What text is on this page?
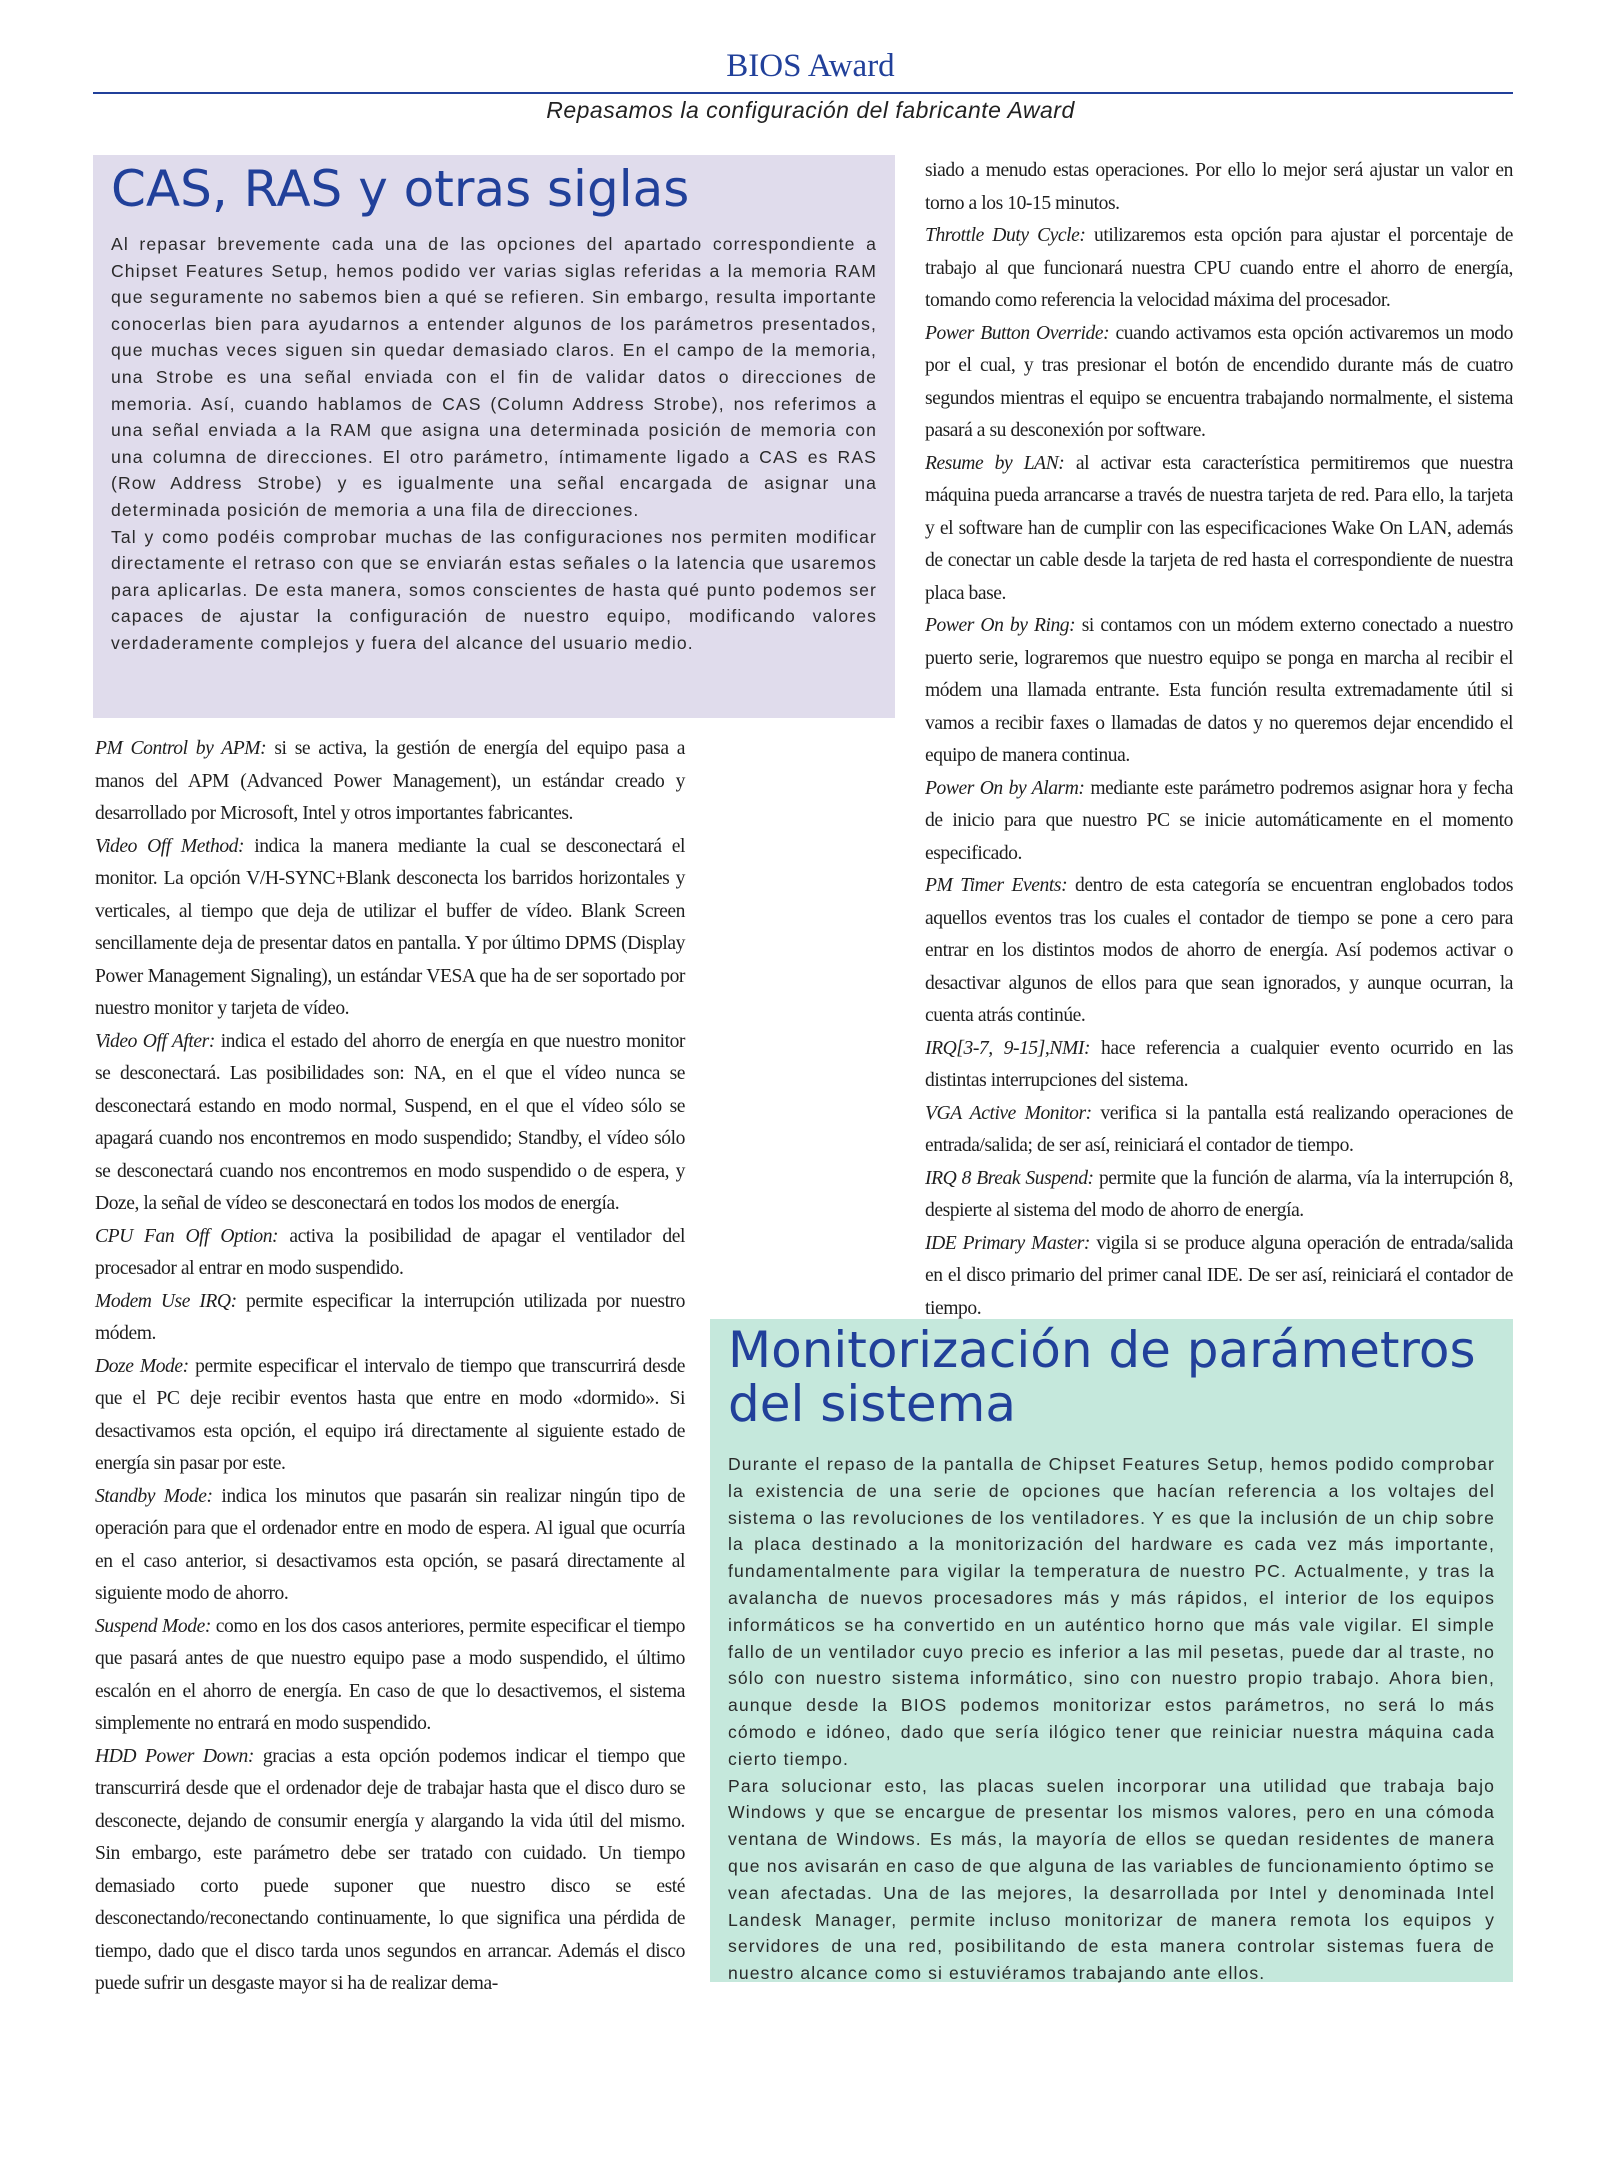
BIOS Award
Repasamos la configuración del fabricante Award
CAS, RAS y otras siglas

Al repasar brevemente cada una de las opciones del apartado correspondiente a Chipset Features Setup, hemos podido ver varias siglas referidas a la memoria RAM que seguramente no sabemos bien a qué se refieren. Sin embargo, resulta importante conocerlas bien para ayudarnos a entender algunos de los parámetros presentados, que muchas veces siguen sin quedar demasiado claros. En el campo de la memoria, una Strobe es una señal enviada con el fin de validar datos o direcciones de memoria. Así, cuando hablamos de CAS (Column Address Strobe), nos referimos a una señal enviada a la RAM que asigna una determinada posición de memoria con una columna de direcciones. El otro parámetro, íntimamente ligado a CAS es RAS (Row Address Strobe) y es igualmente una señal encargada de asignar una determinada posición de memoria a una fila de direcciones.

Tal y como podéis comprobar muchas de las configuraciones nos permiten modificar directamente el retraso con que se enviarán estas señales o la latencia que usaremos para aplicarlas. De esta manera, somos conscientes de hasta qué punto podemos ser capaces de ajustar la configuración de nuestro equipo, modificando valores verdaderamente complejos y fuera del alcance del usuario medio.

PM Control by APM: si se activa, la gestión de energía del equipo pasa a manos del APM (Advanced Power Management), un estándar creado y desarrollado por Microsoft, Intel y otros importantes fabricantes.

Video Off Method: indica la manera mediante la cual se desconectará el monitor. La opción V/H-SYNC+Blank desconecta los barridos horizontales y verticales, al tiempo que deja de utilizar el buffer de vídeo. Blank Screen sencillamente deja de presentar datos en pantalla. Y por último DPMS (Display Power Management Signaling), un estándar VESA que ha de ser soportado por nuestro monitor y tarjeta de vídeo.

Video Off After: indica el estado del ahorro de energía en que nuestro monitor se desconectará. Las posibilidades son: NA, en el que el vídeo nunca se desconectará estando en modo normal, Suspend, en el que el vídeo sólo se apagará cuando nos encontremos en modo suspendido; Standby, el vídeo sólo se desconectará cuando nos encontremos en modo suspendido o de espera, y Doze, la señal de vídeo se desconectará en todos los modos de energía.

CPU Fan Off Option: activa la posibilidad de apagar el ventilador del procesador al entrar en modo suspendido.

Modem Use IRQ: permite especificar la interrupción utilizada por nuestro módem.

Doze Mode: permite especificar el intervalo de tiempo que transcurrirá desde que el PC deje recibir eventos hasta que entre en modo «dormido». Si desactivamos esta opción, el equipo irá directamente al siguiente estado de energía sin pasar por este.

Standby Mode: indica los minutos que pasarán sin realizar ningún tipo de operación para que el ordenador entre en modo de espera. Al igual que ocurría en el caso anterior, si desactivamos esta opción, se pasará directamente al siguiente modo de ahorro.

Suspend Mode: como en los dos casos anteriores, permite especificar el tiempo que pasará antes de que nuestro equipo pase a modo suspendido, el último escalón en el ahorro de energía. En caso de que lo desactivemos, el sistema simplemente no entrará en modo suspendido.

HDD Power Down: gracias a esta opción podemos indicar el tiempo que transcurrirá desde que el ordenador deje de trabajar hasta que el disco duro se desconecte, dejando de consumir energía y alargando la vida útil del mismo. Sin embargo, este parámetro debe ser tratado con cuidado. Un tiempo demasiado corto puede suponer que nuestro disco se esté desconectando/reconectando continuamente, lo que significa una pérdida de tiempo, dado que el disco tarda unos segundos en arrancar. Además el disco puede sufrir un desgaste mayor si ha de realizar dema-

siado a menudo estas operaciones. Por ello lo mejor será ajustar un valor en torno a los 10-15 minutos.

Throttle Duty Cycle: utilizaremos esta opción para ajustar el porcentaje de trabajo al que funcionará nuestra CPU cuando entre el ahorro de energía, tomando como referencia la velocidad máxima del procesador.

Power Button Override: cuando activamos esta opción activaremos un modo por el cual, y tras presionar el botón de encendido durante más de cuatro segundos mientras el equipo se encuentra trabajando normalmente, el sistema pasará a su desconexión por software.

Resume by LAN: al activar esta característica permitiremos que nuestra máquina pueda arrancarse a través de nuestra tarjeta de red. Para ello, la tarjeta y el software han de cumplir con las especificaciones Wake On LAN, además de conectar un cable desde la tarjeta de red hasta el correspondiente de nuestra placa base.

Power On by Ring: si contamos con un módem externo conectado a nuestro puerto serie, lograremos que nuestro equipo se ponga en marcha al recibir el módem una llamada entrante. Esta función resulta extremadamente útil si vamos a recibir faxes o llamadas de datos y no queremos dejar encendido el equipo de manera continua.

Power On by Alarm: mediante este parámetro podremos asignar hora y fecha de inicio para que nuestro PC se inicie automáticamente en el momento especificado.

PM Timer Events: dentro de esta categoría se encuentran englobados todos aquellos eventos tras los cuales el contador de tiempo se pone a cero para entrar en los distintos modos de ahorro de energía. Así podemos activar o desactivar algunos de ellos para que sean ignorados, y aunque ocurran, la cuenta atrás continúe.

IRQ[3-7, 9-15],NMI: hace referencia a cualquier evento ocurrido en las distintas interrupciones del sistema.

VGA Active Monitor: verifica si la pantalla está realizando operaciones de entrada/salida; de ser así, reiniciará el contador de tiempo.

IRQ 8 Break Suspend: permite que la función de alarma, vía la interrupción 8, despierte al sistema del modo de ahorro de energía.

IDE Primary Master: vigila si se produce alguna operación de entrada/salida en el disco primario del primer canal IDE. De ser así, reiniciará el contador de tiempo.

Monitorización de parámetros del sistema

Durante el repaso de la pantalla de Chipset Features Setup, hemos podido comprobar la existencia de una serie de opciones que hacían referencia a los voltajes del sistema o las revoluciones de los ventiladores. Y es que la inclusión de un chip sobre la placa destinado a la monitorización del hardware es cada vez más importante, fundamentalmente para vigilar la temperatura de nuestro PC. Actualmente, y tras la avalancha de nuevos procesadores más y más rápidos, el interior de los equipos informáticos se ha convertido en un auténtico horno que más vale vigilar. El simple fallo de un ventilador cuyo precio es inferior a las mil pesetas, puede dar al traste, no sólo con nuestro sistema informático, sino con nuestro propio trabajo. Ahora bien, aunque desde la BIOS podemos monitorizar estos parámetros, no será lo más cómodo e idóneo, dado que sería ilógico tener que reiniciar nuestra máquina cada cierto tiempo.

Para solucionar esto, las placas suelen incorporar una utilidad que trabaja bajo Windows y que se encargue de presentar los mismos valores, pero en una cómoda ventana de Windows. Es más, la mayoría de ellos se quedan residentes de manera que nos avisarán en caso de que alguna de las variables de funcionamiento óptimo se vean afectadas. Una de las mejores, la desarrollada por Intel y denominada Intel Landesk Manager, permite incluso monitorizar de manera remota los equipos y servidores de una red, posibilitando de esta manera controlar sistemas fuera de nuestro alcance como si estuviéramos trabajando ante ellos.
